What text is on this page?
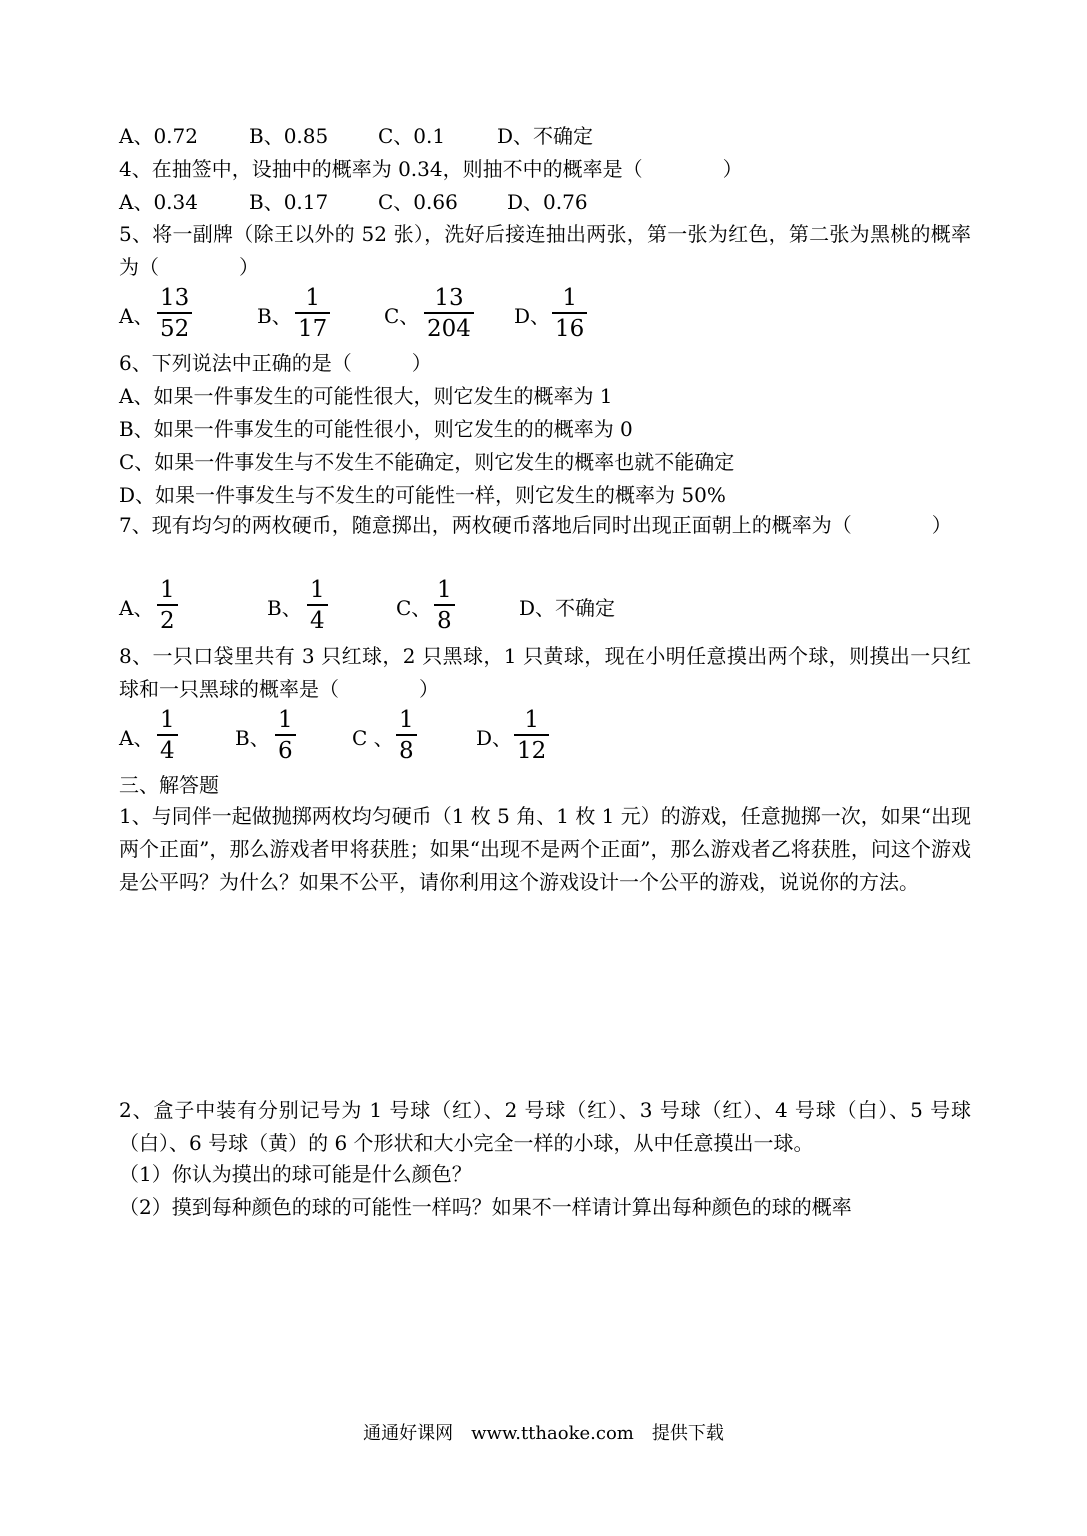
A、0.72	B、0.85 C、0.1	D、不确定
4、在抽签中，设抽中的概率为 0.34，则抽不中的概率是（　　　　）
A、0.34	B、0.17 C、0.66 D、0.76
5、将一副牌（除王以外的 52 张），洗好后接连抽出两张，第一张为红色，第二张为黑桃的概率为（　　　　）
A、
13
52	B、
1
17	C、
13
204 D、
1
16
6、下列说法中正确的是（　　　）
A、如果一件事发生的可能性很大，则它发生的概率为 1
B、如果一件事发生的可能性很小，则它发生的的概率为 0
C、如果一件事发生与不发生不能确定，则它发生的概率也就不能确定
D、如果一件事发生与不发生的可能性一样，则它发生的概率为 50%
7、现有均匀的两枚硬币，随意掷出，两枚硬币落地后同时出现正面朝上的概率为（　　　　）
A、
1
2	B、
1
4	C、
1
8	D、不确定
8、一只口袋里共有 3 只红球，2 只黑球，1 只黄球，现在小明任意摸出两个球，则摸出一只红球和一只黑球的概率是（　　　　）
A、
1
4	B、
1
6	C 、
1
8	D、
1
12
三、解答题
1、与同伴一起做抛掷两枚均匀硬币（1 枚 5 角、1 枚 1 元）的游戏，任意抛掷一次，如果“出现两个正面”，那么游戏者甲将获胜；如果“出现不是两个正面”，那么游戏者乙将获胜，问这个游戏是公平吗？为什么？如果不公平，请你利用这个游戏设计一个公平的游戏，说说你的方法。
2、盒子中装有分别记号为 1 号球（红）、2 号球（红）、3 号球（红）、4 号球（白）、5 号球（白）、6 号球（黄）的 6 个形状和大小完全一样的小球，从中任意摸出一球。
（1）你认为摸出的球可能是什么颜色？
（2）摸到每种颜色的球的可能性一样吗？如果不一样请计算出每种颜色的球的概率
通通好课网　www.tthaoke.com　提供下载
